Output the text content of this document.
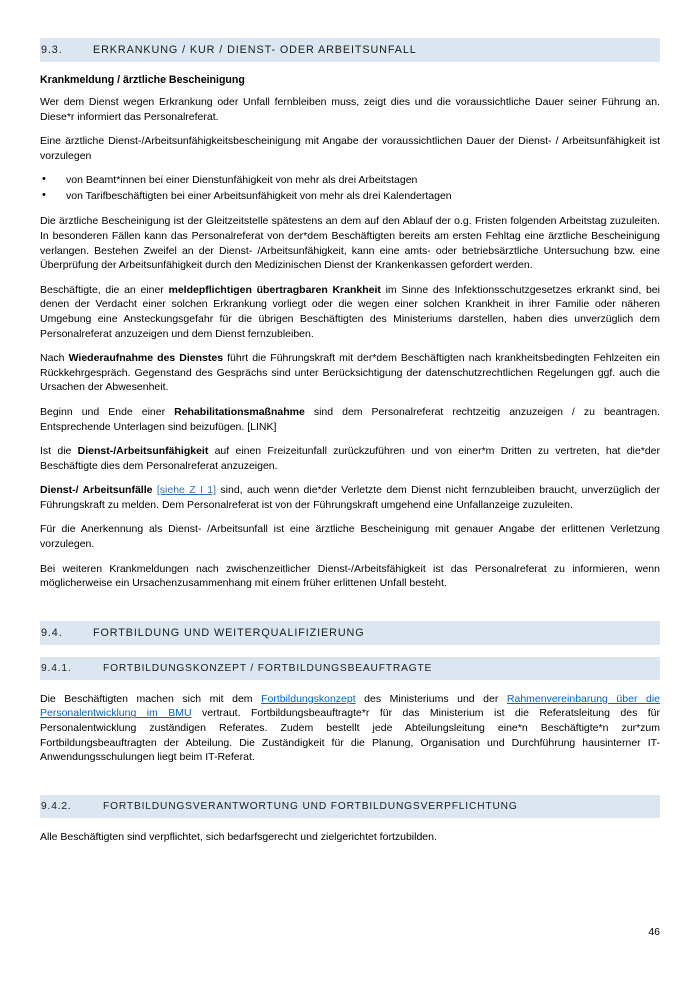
9.3.	ERKRANKUNG / KUR / DIENST- ODER ARBEITSUNFALL
Krankmeldung / ärztliche Bescheinigung

Wer dem Dienst wegen Erkrankung oder Unfall fernbleiben muss, zeigt dies und die voraussichtliche Dauer seiner Führung an. Diese*r informiert das Personalreferat.

Eine ärztliche Dienst-/Arbeitsunfähigkeitsbescheinigung mit Angabe der voraussichtlichen Dauer der Dienst- / Arbeitsunfähigkeit ist vorzulegen

• von Beamt*innen bei einer Dienstunfähigkeit von mehr als drei Arbeitstagen
• von Tarifbeschäftigten bei einer Arbeitsunfähigkeit von mehr als drei Kalendertagen

Die ärztliche Bescheinigung ist der Gleitzeitstelle spätestens an dem auf den Ablauf der o.g. Fristen folgenden Arbeitstag zuzuleiten. In besonderen Fällen kann das Personalreferat von der*dem Beschäftigten bereits am ersten Fehltag eine ärztliche Bescheinigung verlangen. Bestehen Zweifel an der Dienst- /Arbeitsunfähigkeit, kann eine amts- oder betriebsärztliche Untersuchung bzw. eine Überprüfung der Arbeitsunfähigkeit durch den Medizinischen Dienst der Krankenkassen gefordert werden.

Beschäftigte, die an einer meldepflichtigen übertragbaren Krankheit im Sinne des Infektionsschutzgesetzes erkrankt sind, bei denen der Verdacht einer solchen Erkrankung vorliegt oder die wegen einer solchen Krankheit in ihrer Familie oder näheren Umgebung eine Ansteckungsgefahr für die übrigen Beschäftigten des Ministeriums darstellen, haben dies unverzüglich dem Personalreferat anzuzeigen und dem Dienst fernzubleiben.

Nach Wiederaufnahme des Dienstes führt die Führungskraft mit der*dem Beschäftigten nach krankheitsbedingten Fehlzeiten ein Rückkehrgespräch. Gegenstand des Gesprächs sind unter Berücksichtigung der datenschutzrechtlichen Regelungen ggf. auch die Ursachen der Abwesenheit.

Beginn und Ende einer Rehabilitationsmaßnahme sind dem Personalreferat rechtzeitig anzuzeigen / zu beantragen. Entsprechende Unterlagen sind beizufügen. [LINK]

Ist die Dienst-/Arbeitsunfähigkeit auf einen Freizeitunfall zurückzuführen und von einer*m Dritten zu vertreten, hat die*der Beschäftigte dies dem Personalreferat anzuzeigen.

Dienst-/ Arbeitsunfälle [siehe Z I 1] sind, auch wenn die*der Verletzte dem Dienst nicht fernzubleiben braucht, unverzüglich der Führungskraft zu melden. Dem Personalreferat ist von der Führungskraft umgehend eine Unfallanzeige zuzuleiten.

Für die Anerkennung als Dienst- /Arbeitsunfall ist eine ärztliche Bescheinigung mit genauer Angabe der erlittenen Verletzung vorzulegen.

Bei weiteren Krankmeldungen nach zwischenzeitlicher Dienst-/Arbeitsfähigkeit ist das Personalreferat zu informieren, wenn möglicherweise ein Ursachenzusammenhang mit einem früher erlittenen Unfall besteht.

9.4.	FORTBILDUNG UND WEITERQUALIFIZIERUNG
9.4.1.	FORTBILDUNGSKONZEPT / FORTBILDUNGSBEAUFTRAGTE

Die Beschäftigten machen sich mit dem Fortbildungskonzept des Ministeriums und der Rahmenvereinbarung über die Personalentwicklung im BMU vertraut. Fortbildungsbeauftragte*r für das Ministerium ist die Referatsleitung des für Personalentwicklung zuständigen Referates. Zudem bestellt jede Abteilungsleitung eine*n Beschäftigte*n zur*zum Fortbildungsbeauftragten der Abteilung. Die Zuständigkeit für die Planung, Organisation und Durchführung hausinterner IT-Anwendungsschulungen liegt beim IT-Referat.

9.4.2.	FORTBILDUNGSVERANTWORTUNG UND FORTBILDUNGSVERPFLICHTUNG

Alle Beschäftigten sind verpflichtet, sich bedarfsgerecht und zielgerichtet fortzubilden.

46
